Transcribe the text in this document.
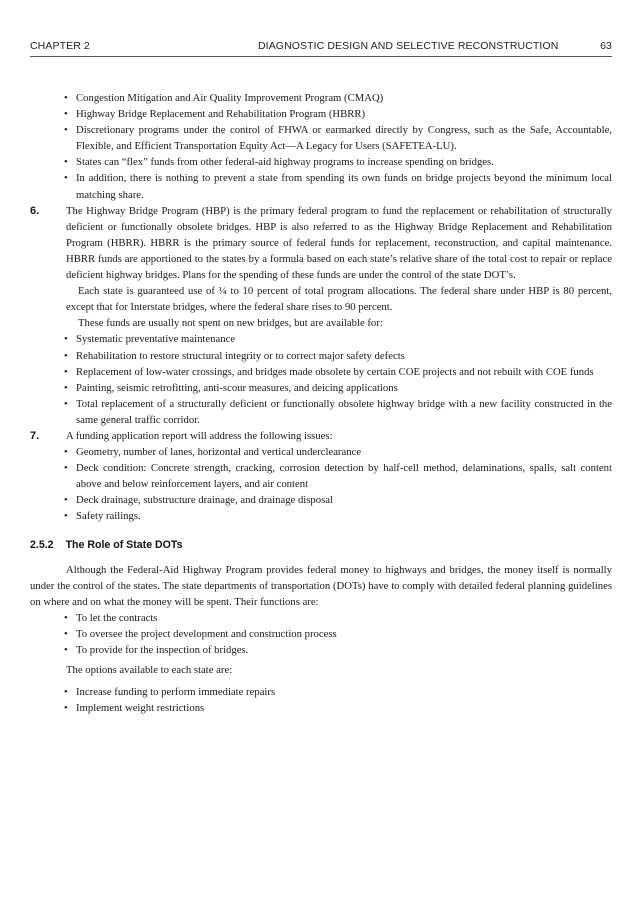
CHAPTER 2	DIAGNOSTIC DESIGN AND SELECTIVE RECONSTRUCTION	63
• Congestion Mitigation and Air Quality Improvement Program (CMAQ)
• Highway Bridge Replacement and Rehabilitation Program (HBRR)
• Discretionary programs under the control of FHWA or earmarked directly by Congress, such as the Safe, Accountable, Flexible, and Efficient Transportation Equity Act—A Legacy for Users (SAFETEA-LU).
• States can “flex” funds from other federal-aid highway programs to increase spending on bridges.
• In addition, there is nothing to prevent a state from spending its own funds on bridge projects beyond the minimum local matching share.
6.	The Highway Bridge Program (HBP) is the primary federal program to fund the replacement or rehabilitation of structurally deficient or functionally obsolete bridges. HBP is also referred to as the Highway Bridge Replacement and Rehabilitation Program (HBRR). HBRR is the primary source of federal funds for replacement, reconstruction, and capital maintenance. HBRR funds are apportioned to the states by a formula based on each state’s relative share of the total cost to repair or replace deficient highway bridges. Plans for the spending of these funds are under the control of the state DOT’s.
Each state is guaranteed use of ¼ to 10 percent of total program allocations. The federal share under HBP is 80 percent, except that for Interstate bridges, where the federal share rises to 90 percent.
These funds are usually not spent on new bridges, but are available for:
• Systematic preventative maintenance
• Rehabilitation to restore structural integrity or to correct major safety defects
• Replacement of low-water crossings, and bridges made obsolete by certain COE projects and not rebuilt with COE funds
• Painting, seismic retrofitting, anti-scour measures, and deicing applications
• Total replacement of a structurally deficient or functionally obsolete highway bridge with a new facility constructed in the same general traffic corridor.
7.	A funding application report will address the following issues:
• Geometry, number of lanes, horizontal and vertical underclearance
• Deck condition: Concrete strength, cracking, corrosion detection by half-cell method, delaminations, spalls, salt content above and below reinforcement layers, and air content
• Deck drainage, substructure drainage, and drainage disposal
• Safety railings.
2.5.2 The Role of State DOTs
Although the Federal-Aid Highway Program provides federal money to highways and bridges, the money itself is normally under the control of the states. The state departments of transportation (DOTs) have to comply with detailed federal planning guidelines on where and on what the money will be spent. Their functions are:
• To let the contracts
• To oversee the project development and construction process
• To provide for the inspection of bridges.
The options available to each state are:
• Increase funding to perform immediate repairs
• Implement weight restrictions
